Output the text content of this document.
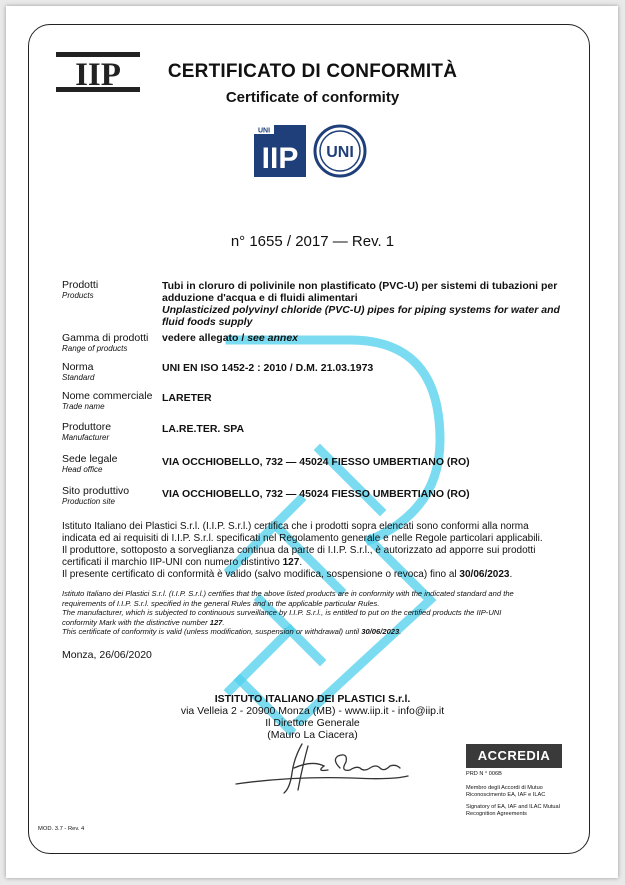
IIP	CERTIFICATO DI CONFORMITÀ
Certificate of conformity
UNI
IIP UNI
n° 1655 / 2017 — Rev. 1
Prodotti
Products
Tubi in cloruro di polivinile non plastificato (PVC-U) per sistemi di tubazioni per
adduzione d'acqua e di fluidi alimentari
Unplasticized polyvinyl chloride (PVC-U) pipes for piping systems for water and
fluid foods supply
Gamma di prodotti
Range of products
vedere allegato / see annex
Norma
Standard
UNI EN ISO 1452-2 : 2010 / D.M. 21.03.1973
Nome commerciale
Trade name
LARETER
Produttore
Manufacturer
LA.RE.TER. SPA
Sede legale
Head office
VIA OCCHIOBELLO, 732 — 45024 FIESSO UMBERTIANO (RO)
Sito produttivo
Production site
VIA OCCHIOBELLO, 732 — 45024 FIESSO UMBERTIANO (RO)
Istituto Italiano dei Plastici S.r.l. (I.I.P. S.r.l.) certifica che i prodotti sopra elencati sono conformi alla norma
indicata ed ai requisiti di I.I.P. S.r.l. specificati nel Regolamento generale e nelle Regole particolari applicabili.
Il produttore, sottoposto a sorveglianza continua da parte di I.I.P. S.r.l., è autorizzato ad apporre sui prodotti
certificati il marchio IIP-UNI con numero distintivo 127.
Il presente certificato di conformità è valido (salvo modifica, sospensione o revoca) fino al 30/06/2023.
Istituto Italiano dei Plastici S.r.l. (I.I.P. S.r.l.) certifies that the above listed products are in conformity with the indicated standard and the
requirements of I.I.P. S.r.l. specified in the general Rules and in the applicable particular Rules.
The manufacturer, which is subjected to continuous surveillance by I.I.P. S.r.l., is entitled to put on the certified products the IIP-UNI
conformity Mark with the distinctive number 127.
This certificate of conformity is valid (unless modification, suspension or withdrawal) until 30/06/2023.
Monza, 26/06/2020
ISTITUTO ITALIANO DEI PLASTICI S.r.l.
via Velleia 2 - 20900 Monza (MB) - www.iip.it - info@iip.it
Il Direttore Generale
(Mauro La Ciacera)
ACCREDIA
PRD N ° 006B
Membro degli Accordi di Mutuo
Riconoscimento EA, IAF e ILAC
Signatory of EA, IAF and ILAC Mutual
Recognition Agreements
MOD. 3.7 - Rev. 4
